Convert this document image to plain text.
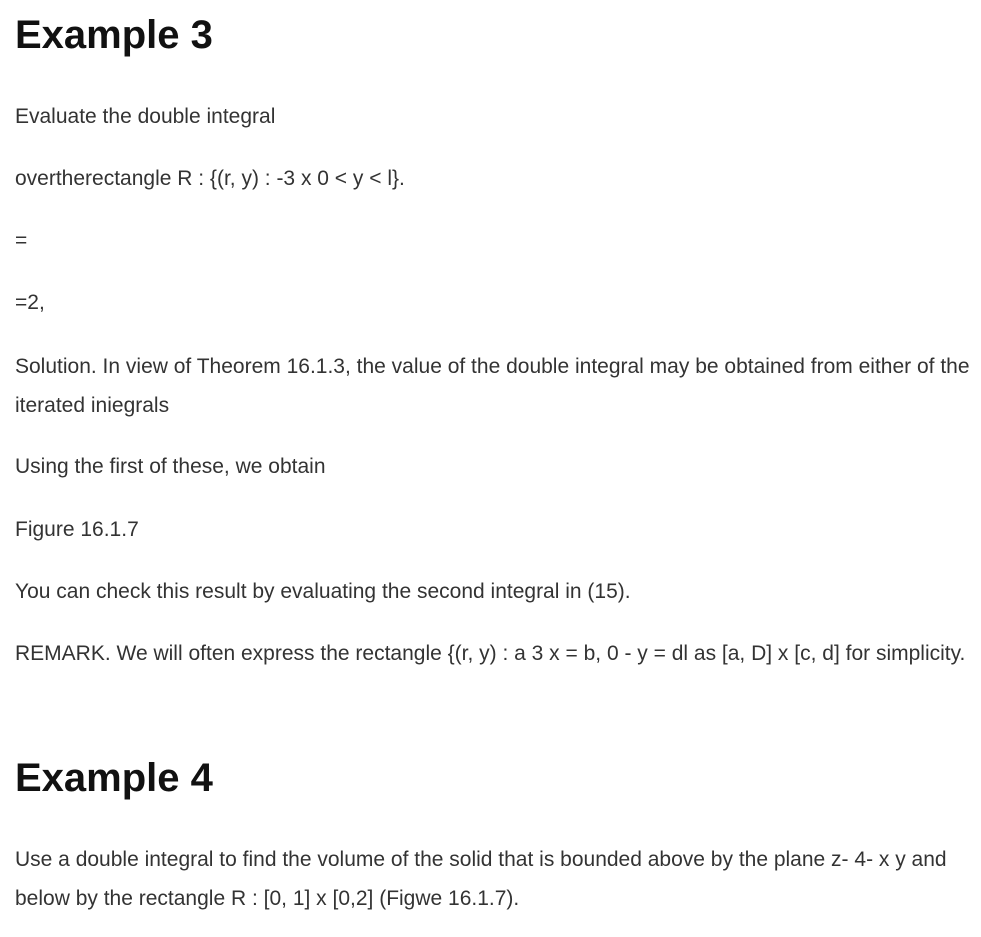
Example 3

Evaluate the double integral

overtherectangle R : {(r, y) : -3 x 0 < y < l}.

=

=2,

Solution. In view of Theorem 16.1.3, the value of the double integral may be obtained from either of the iterated iniegrals

Using the first of these, we obtain

Figure 16.1.7

You can check this result by evaluating the second integral in (15).

REMARK. We will often express the rectangle {(r, y) : a 3 x = b, 0 - y = dl as [a, D] x [c, d] for simplicity.

Example 4

Use a double integral to find the volume of the solid that is bounded above by the plane z- 4- x y and below by the rectangle R : [0, 1] x [0,2] (Figwe 16.1.7).
